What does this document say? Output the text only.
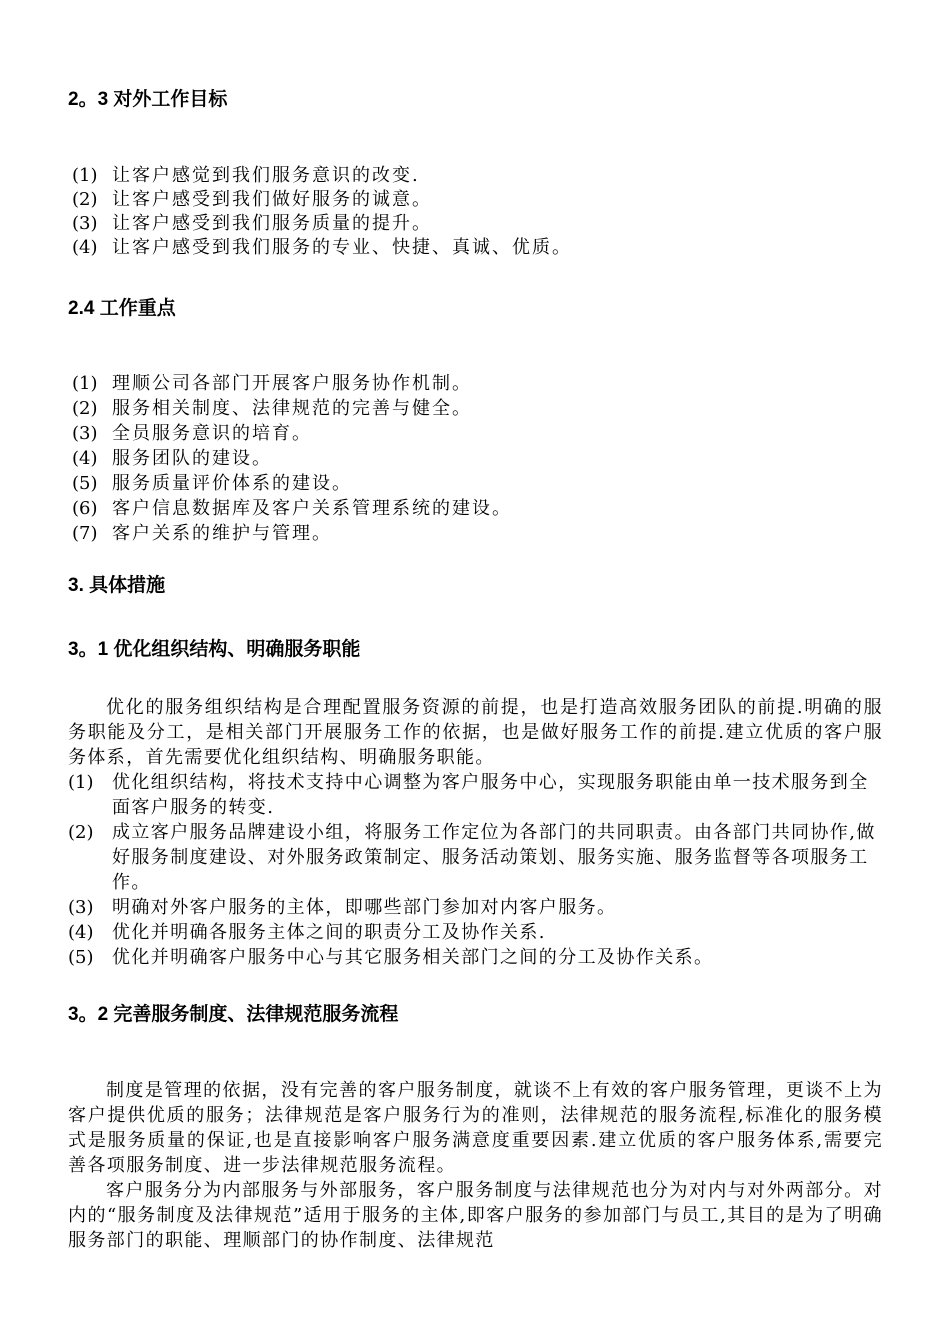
2。3 对外工作目标
(1) 让客户感觉到我们服务意识的改变.
(2) 让客户感受到我们做好服务的诚意。
(3) 让客户感受到我们服务质量的提升。
(4) 让客户感受到我们服务的专业、快捷、真诚、优质。
2.4 工作重点
(1) 理顺公司各部门开展客户服务协作机制。
(2) 服务相关制度、法律规范的完善与健全。
(3) 全员服务意识的培育。
(4) 服务团队的建设。
(5) 服务质量评价体系的建设。
(6) 客户信息数据库及客户关系管理系统的建设。
(7) 客户关系的维护与管理。
3. 具体措施
3。1 优化组织结构、明确服务职能
优化的服务组织结构是合理配置服务资源的前提，也是打造高效服务团队的前提.明确的服务职能及分工，是相关部门开展服务工作的依据，也是做好服务工作的前提.建立优质的客户服务体系，首先需要优化组织结构、明确服务职能。
(1) 优化组织结构，将技术支持中心调整为客户服务中心，实现服务职能由单一技术服务到全面客户服务的转变.
(2) 成立客户服务品牌建设小组，将服务工作定位为各部门的共同职责。由各部门共同协作,做好服务制度建设、对外服务政策制定、服务活动策划、服务实施、服务监督等各项服务工作。
(3) 明确对外客户服务的主体，即哪些部门参加对内客户服务。
(4) 优化并明确各服务主体之间的职责分工及协作关系.
(5) 优化并明确客户服务中心与其它服务相关部门之间的分工及协作关系。
3。2 完善服务制度、法律规范服务流程
制度是管理的依据，没有完善的客户服务制度，就谈不上有效的客户服务管理，更谈不上为客户提供优质的服务；法律规范是客户服务行为的准则，法律规范的服务流程,标准化的服务模式是服务质量的保证,也是直接影响客户服务满意度重要因素.建立优质的客户服务体系,需要完善各项服务制度、进一步法律规范服务流程。
客户服务分为内部服务与外部服务，客户服务制度与法律规范也分为对内与对外两部分。对内的“服务制度及法律规范”适用于服务的主体,即客户服务的参加部门与员工,其目的是为了明确服务部门的职能、理顺部门的协作制度、法律规范
